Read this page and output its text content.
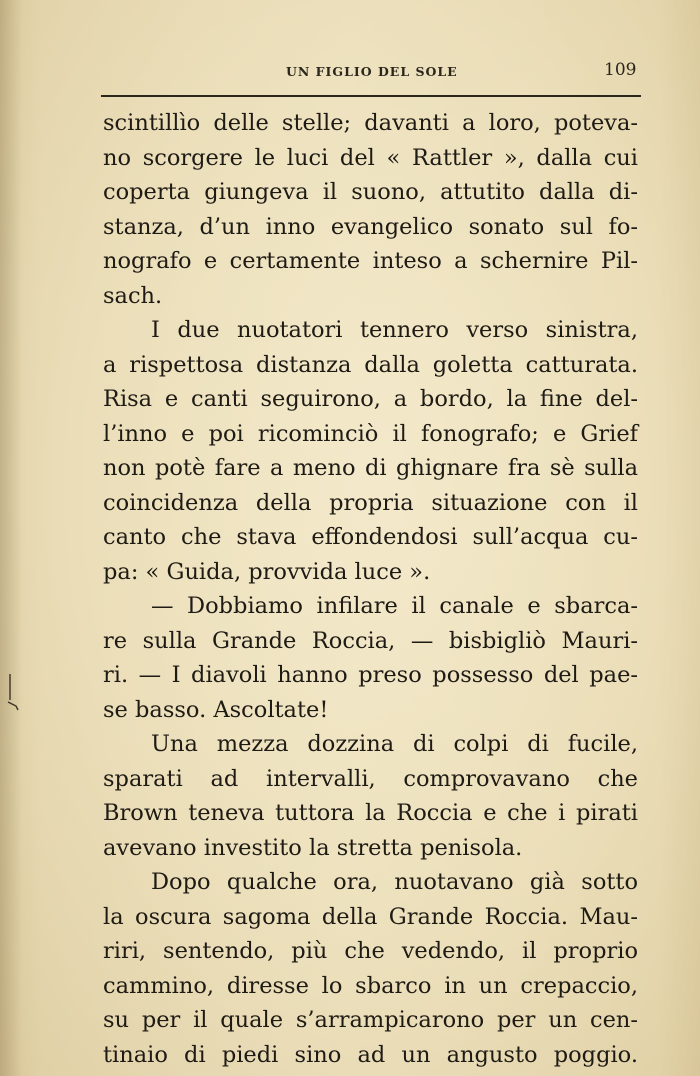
UN FIGLIO DEL SOLE	109
scintillìo delle stelle; davanti a loro, poteva-
no scorgere le luci del « Rattler », dalla cui
coperta giungeva il suono, attutito dalla di-
stanza, d’un inno evangelico sonato sul fo-
nografo e certamente inteso a schernire Pil-
sach.
I due nuotatori tennero verso sinistra,
a rispettosa distanza dalla goletta catturata.
Risa e canti seguirono, a bordo, la fine del-
l’inno e poi ricominciò il fonografo; e Grief
non potè fare a meno di ghignare fra sè sulla
coincidenza della propria situazione con il
canto che stava effondendosi sull’acqua cu-
pa: « Guida, provvida luce ».
— Dobbiamo infilare il canale e sbarca-
re sulla Grande Roccia, — bisbigliò Mauri-
ri. — I diavoli hanno preso possesso del pae-
se basso. Ascoltate!
Una mezza dozzina di colpi di fucile,
sparati ad intervalli, comprovavano che
Brown teneva tuttora la Roccia e che i pirati
avevano investito la stretta penisola.
Dopo qualche ora, nuotavano già sotto
la oscura sagoma della Grande Roccia. Mau-
riri, sentendo, più che vedendo, il proprio
cammino, diresse lo sbarco in un crepaccio,
su per il quale s’arrampicarono per un cen-
tinaio di piedi sino ad un angusto poggio.
